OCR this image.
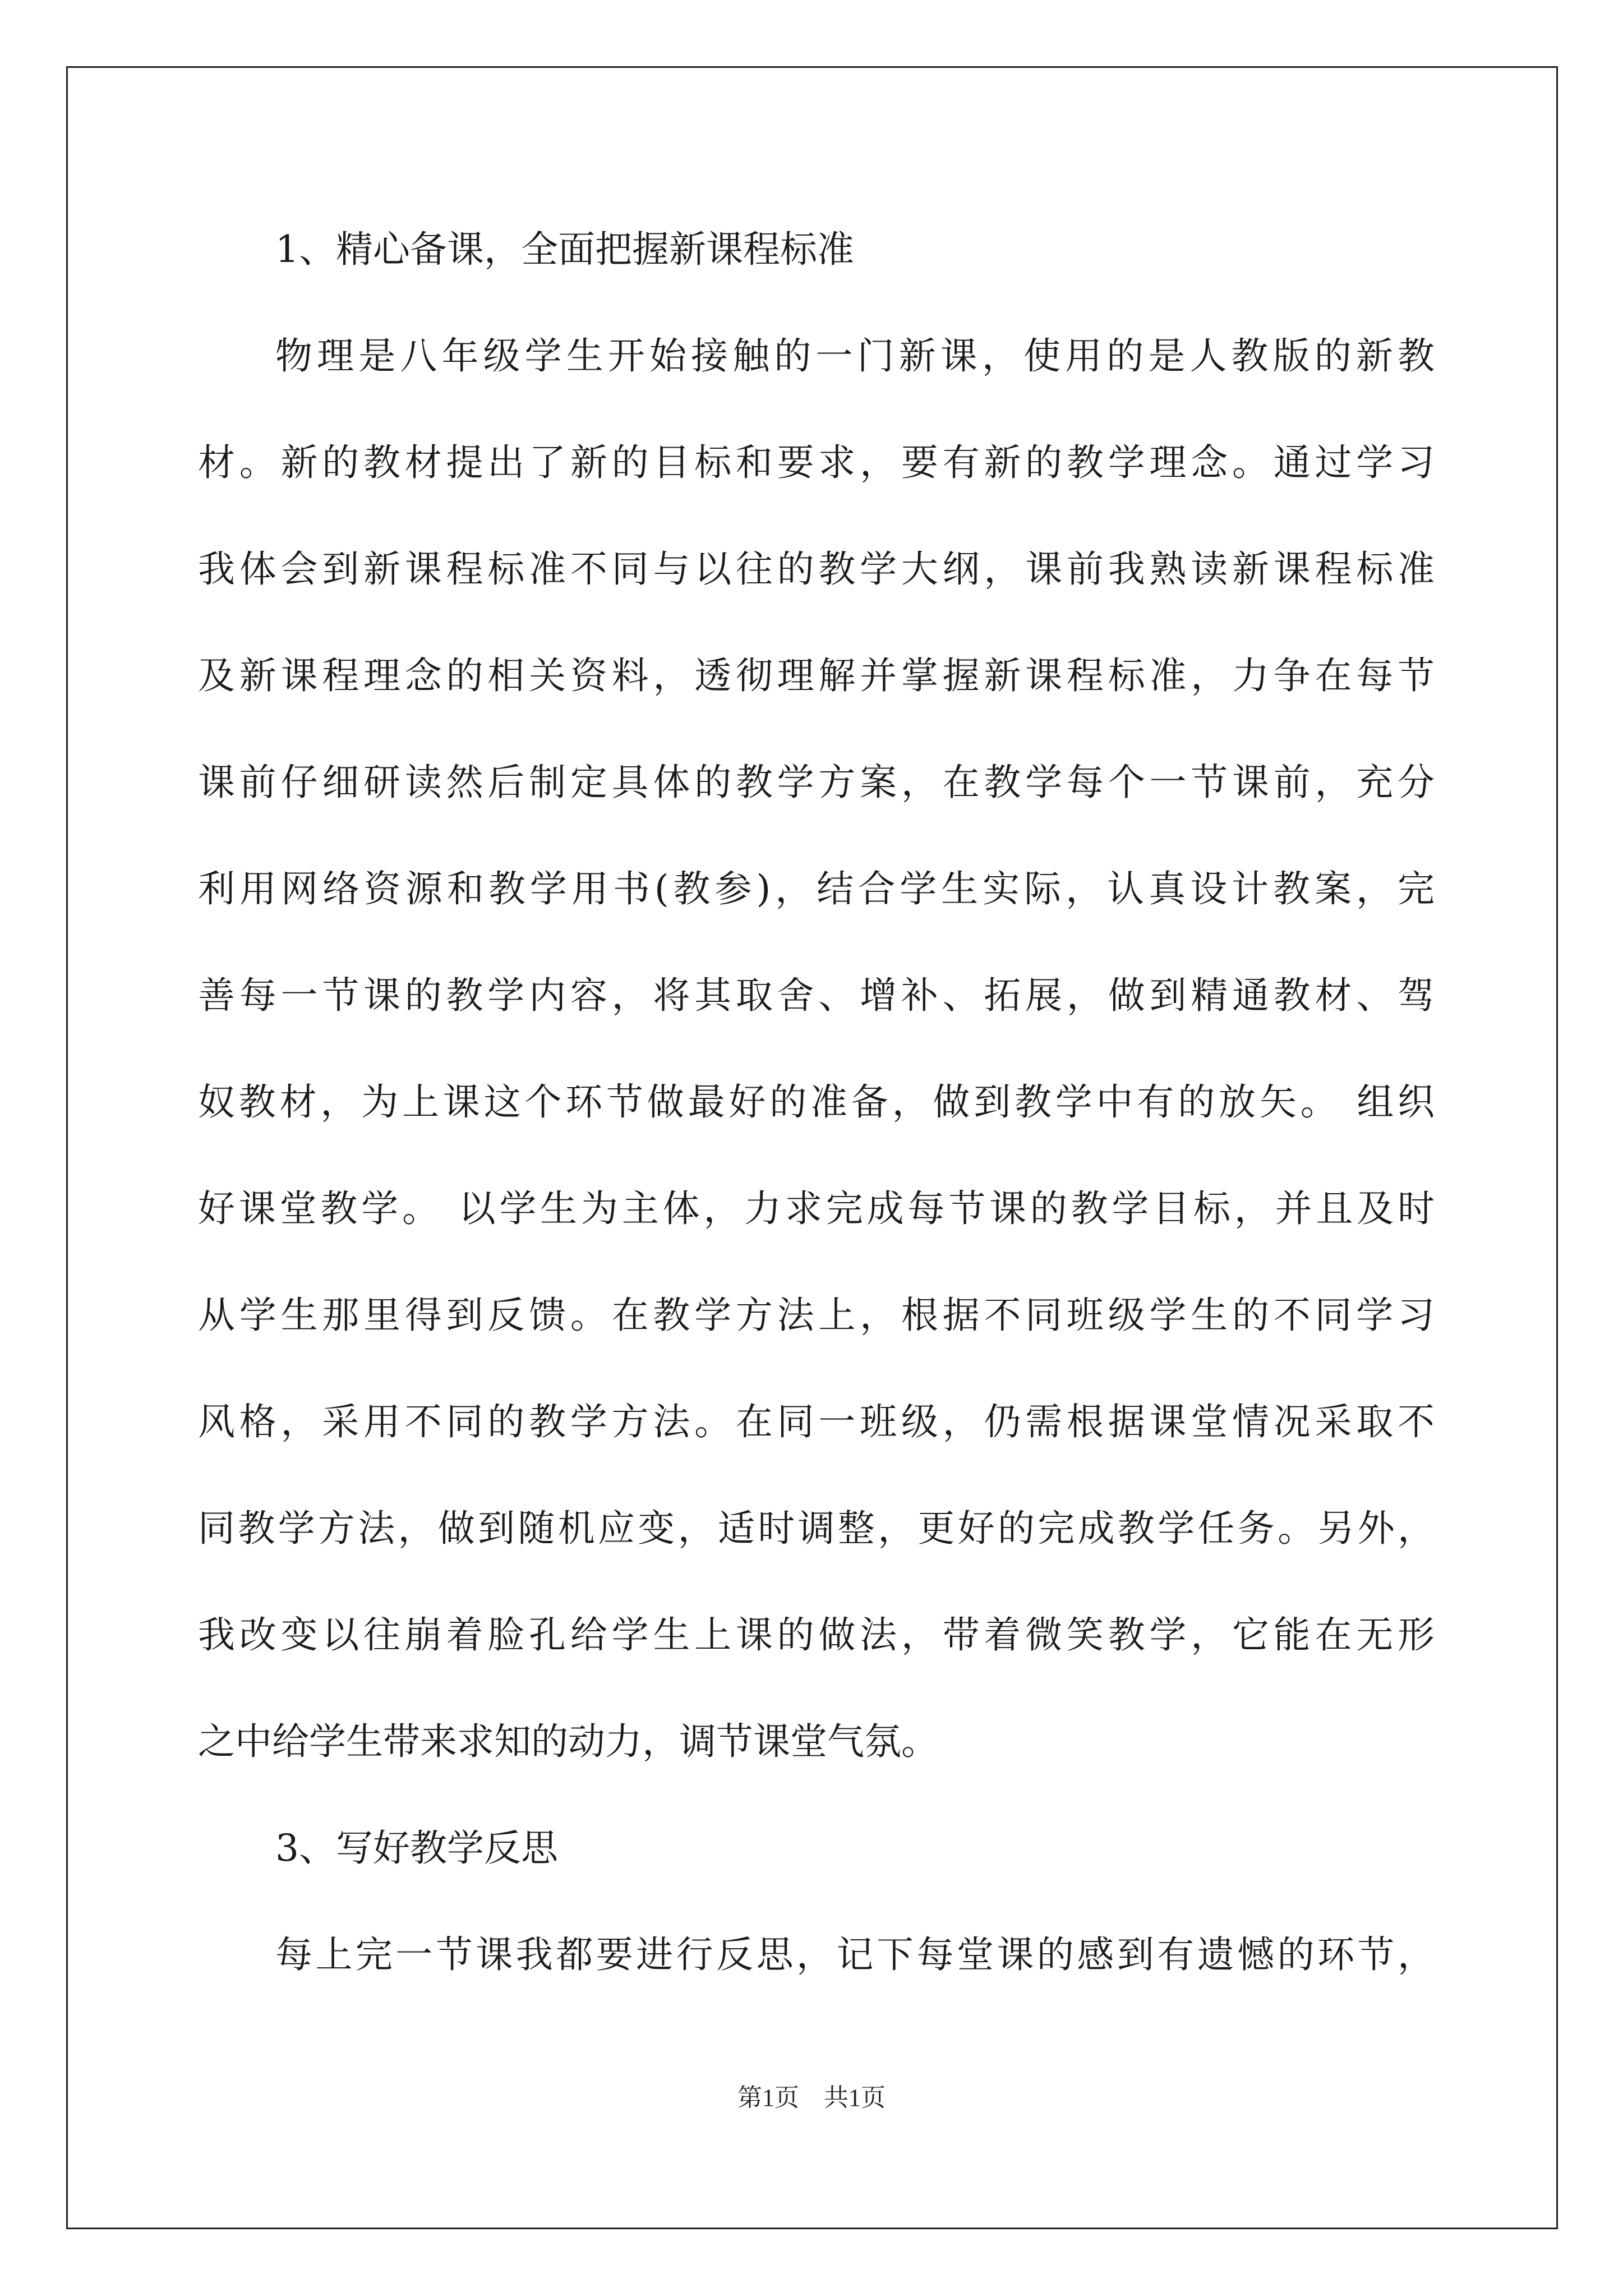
1、精心备课，全面把握新课程标准
物理是八年级学生开始接触的一门新课，使用的是人教版的新教
材。新的教材提出了新的目标和要求，要有新的教学理念。通过学习
我体会到新课程标准不同与以往的教学大纲，课前我熟读新课程标准
及新课程理念的相关资料，透彻理解并掌握新课程标准，力争在每节
课前仔细研读然后制定具体的教学方案，在教学每个一节课前，充分
利用网络资源和教学用书(教参)，结合学生实际，认真设计教案，完
善每一节课的教学内容，将其取舍、增补、拓展，做到精通教材、驾
奴教材，为上课这个环节做最好的准备，做到教学中有的放矢。 组织
好课堂教学。 以学生为主体，力求完成每节课的教学目标，并且及时
从学生那里得到反馈。在教学方法上，根据不同班级学生的不同学习
风格，采用不同的教学方法。在同一班级，仍需根据课堂情况采取不
同教学方法，做到随机应变，适时调整，更好的完成教学任务。另外，
我改变以往崩着脸孔给学生上课的做法，带着微笑教学，它能在无形
之中给学生带来求知的动力，调节课堂气氛。
3、写好教学反思
每上完一节课我都要进行反思，记下每堂课的感到有遗憾的环节，
第1页　共1页
